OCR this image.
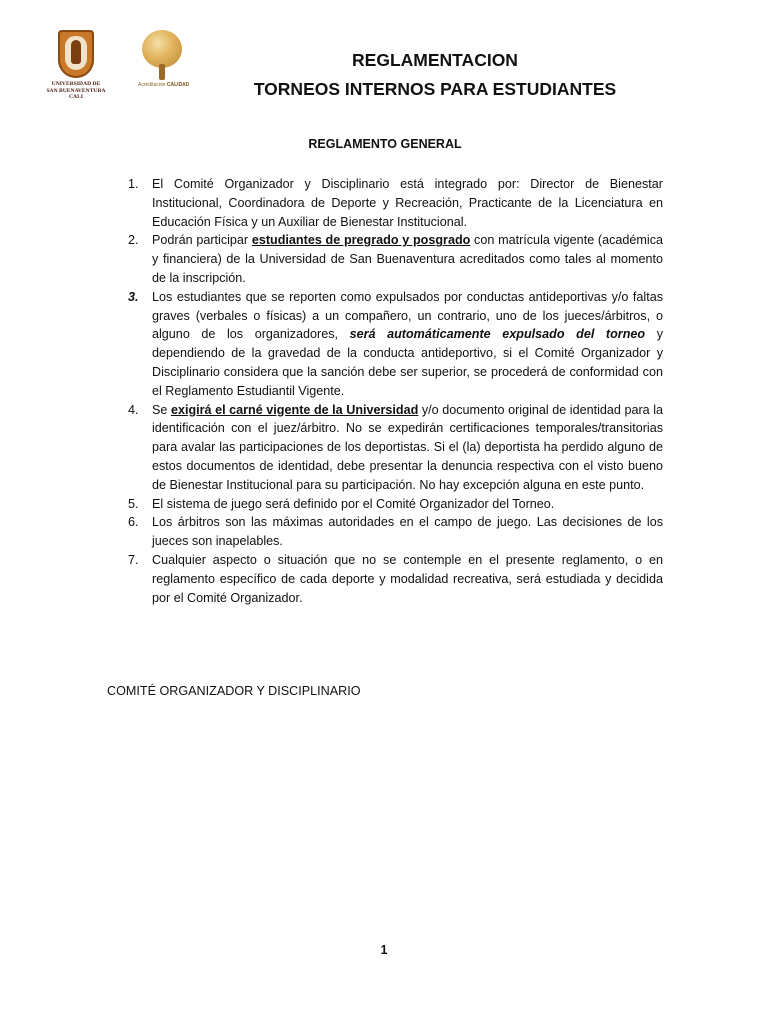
UNIVERSIDAD DE
SAN BUENAVENTURA
CALI
Acreditación CALIDAD
REGLAMENTACION
TORNEOS INTERNOS PARA ESTUDIANTES
REGLAMENTO GENERAL
1.	El Comité Organizador y Disciplinario está integrado por: Director de Bienestar Institucional, Coordinadora de Deporte y Recreación, Practicante de la Licenciatura en Educación Física y un Auxiliar de Bienestar Institucional.
2.	Podrán participar estudiantes de pregrado y posgrado con matrícula vigente (académica y financiera) de la Universidad de San Buenaventura acreditados como tales al momento de la inscripción.
3.	Los estudiantes que se reporten como expulsados por conductas antideportivas y/o faltas graves (verbales o físicas) a un compañero, un contrario, uno de los jueces/árbitros, o alguno de los organizadores, será automáticamente expulsado del torneo y dependiendo de la gravedad de la conducta antideportivo, si el Comité Organizador y Disciplinario considera que la sanción debe ser superior, se procederá de conformidad con el Reglamento Estudiantil Vigente.
4.	Se exigirá el carné vigente de la Universidad y/o documento original de identidad para la identificación con el juez/árbitro. No se expedirán certificaciones temporales/transitorias para avalar las participaciones de los deportistas. Si el (la) deportista ha perdido alguno de estos documentos de identidad, debe presentar la denuncia respectiva con el visto bueno de Bienestar Institucional para su participación. No hay excepción alguna en este punto.
5.	El sistema de juego será definido por el Comité Organizador del Torneo.
6.	Los árbitros son las máximas autoridades en el campo de juego. Las decisiones de los jueces son inapelables.
7.	Cualquier aspecto o situación que no se contemple en el presente reglamento, o en reglamento específico de cada deporte y modalidad recreativa, será estudiada y decidida por el Comité Organizador.
COMITÉ ORGANIZADOR Y DISCIPLINARIO
1
